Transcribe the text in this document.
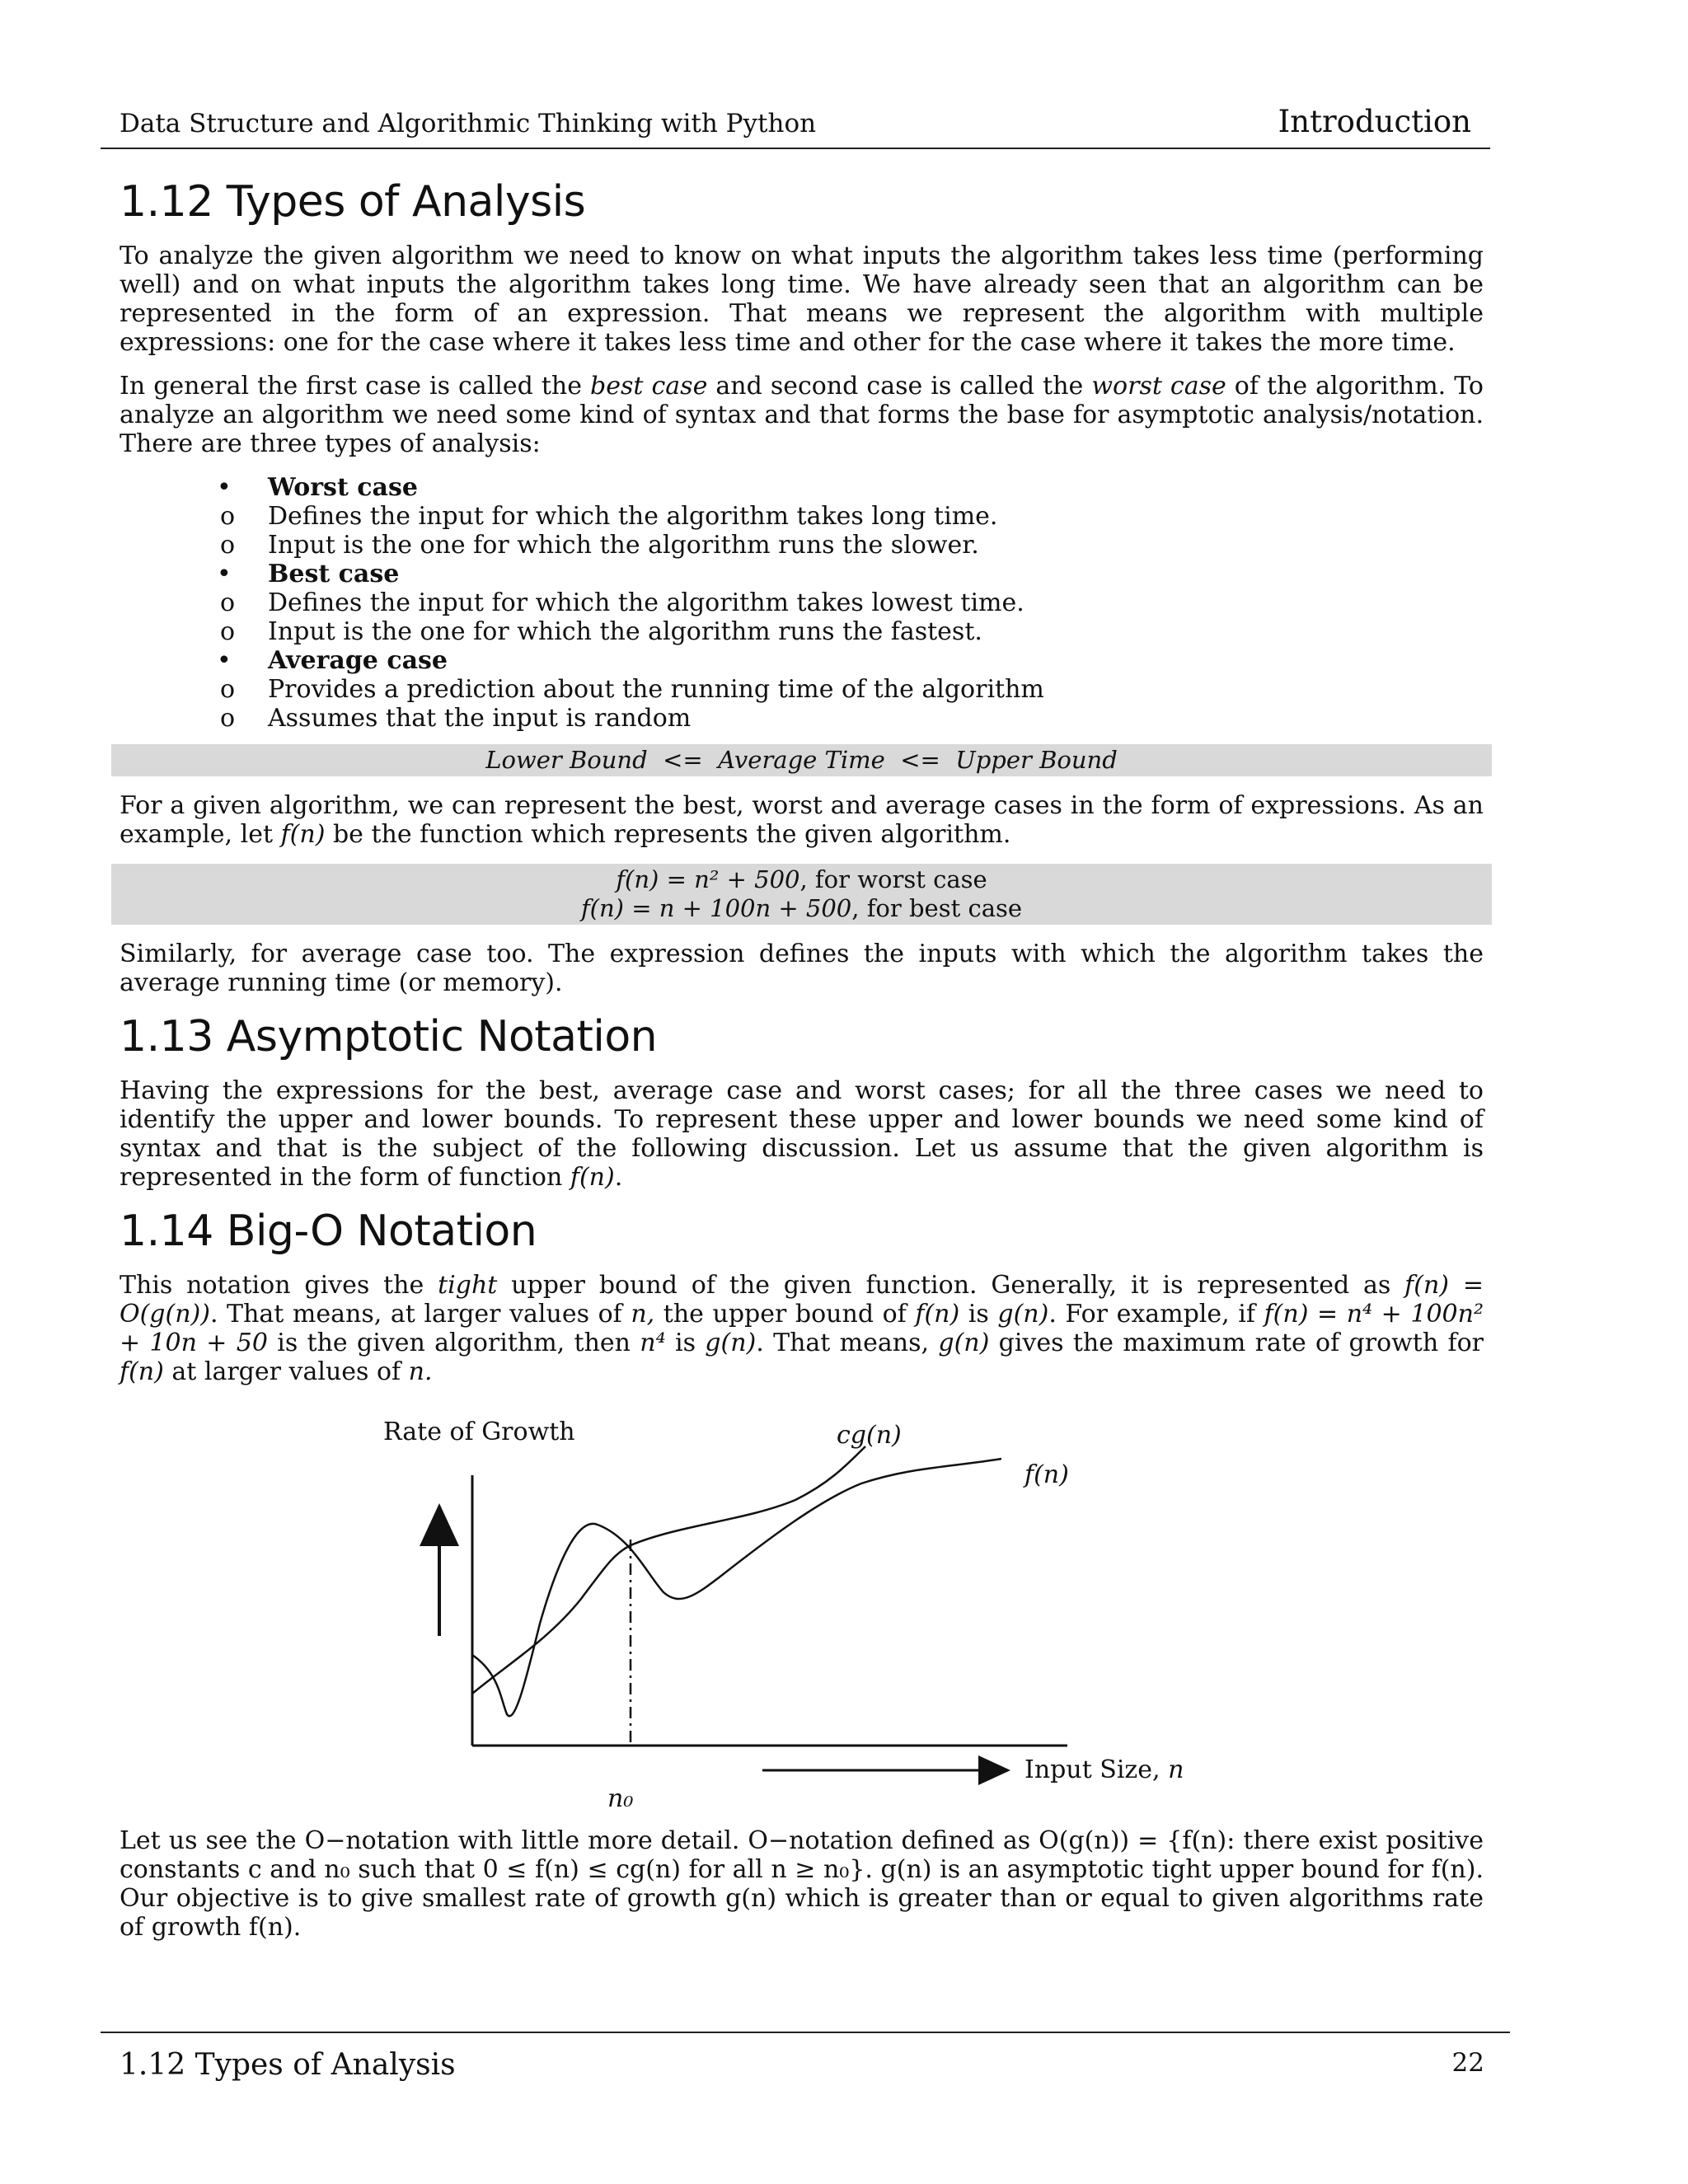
Data Structure and Algorithmic Thinking with Python	Introduction
1.12 Types of Analysis

To analyze the given algorithm we need to know on what inputs the algorithm takes less time (performing well) and on what inputs the algorithm takes long time. We have already seen that an algorithm can be represented in the form of an expression. That means we represent the algorithm with multiple expressions: one for the case where it takes less time and other for the case where it takes the more time.

In general the first case is called the best case and second case is called the worst case of the algorithm. To analyze an algorithm we need some kind of syntax and that forms the base for asymptotic analysis/notation. There are three types of analysis:

• Worst case
o Defines the input for which the algorithm takes long time.
o Input is the one for which the algorithm runs the slower.
• Best case
o Defines the input for which the algorithm takes lowest time.
o Input is the one for which the algorithm runs the fastest.
• Average case
o Provides a prediction about the running time of the algorithm
o Assumes that the input is random
Lower Bound  <=  Average Time  <=  Upper Bound

For a given algorithm, we can represent the best, worst and average cases in the form of expressions. As an example, let f(n) be the function which represents the given algorithm.

f(n) = n² + 500, for worst case
f(n) = n + 100n + 500, for best case

Similarly, for average case too. The expression defines the inputs with which the algorithm takes the average running time (or memory).

1.13 Asymptotic Notation

Having the expressions for the best, average case and worst cases; for all the three cases we need to identify the upper and lower bounds. To represent these upper and lower bounds we need some kind of syntax and that is the subject of the following discussion. Let us assume that the given algorithm is represented in the form of function f(n).

1.14 Big-O Notation

This notation gives the tight upper bound of the given function. Generally, it is represented as f(n) = O(g(n)). That means, at larger values of n, the upper bound of f(n) is g(n). For example, if f(n) = n⁴ + 100n² + 10n + 50 is the given algorithm, then n⁴ is g(n). That means, g(n) gives the maximum rate of growth for f(n) at larger values of n.

Rate of Growth	cg(n)
f(n)
Input Size, n
n₀

Let us see the O−notation with little more detail. O−notation defined as O(g(n)) = {f(n): there exist positive constants c and n₀ such that 0 ≤ f(n) ≤ cg(n) for all n ≥ n₀}. g(n) is an asymptotic tight upper bound for f(n). Our objective is to give smallest rate of growth g(n) which is greater than or equal to given algorithms rate of growth f(n).

1.12 Types of Analysis	22
